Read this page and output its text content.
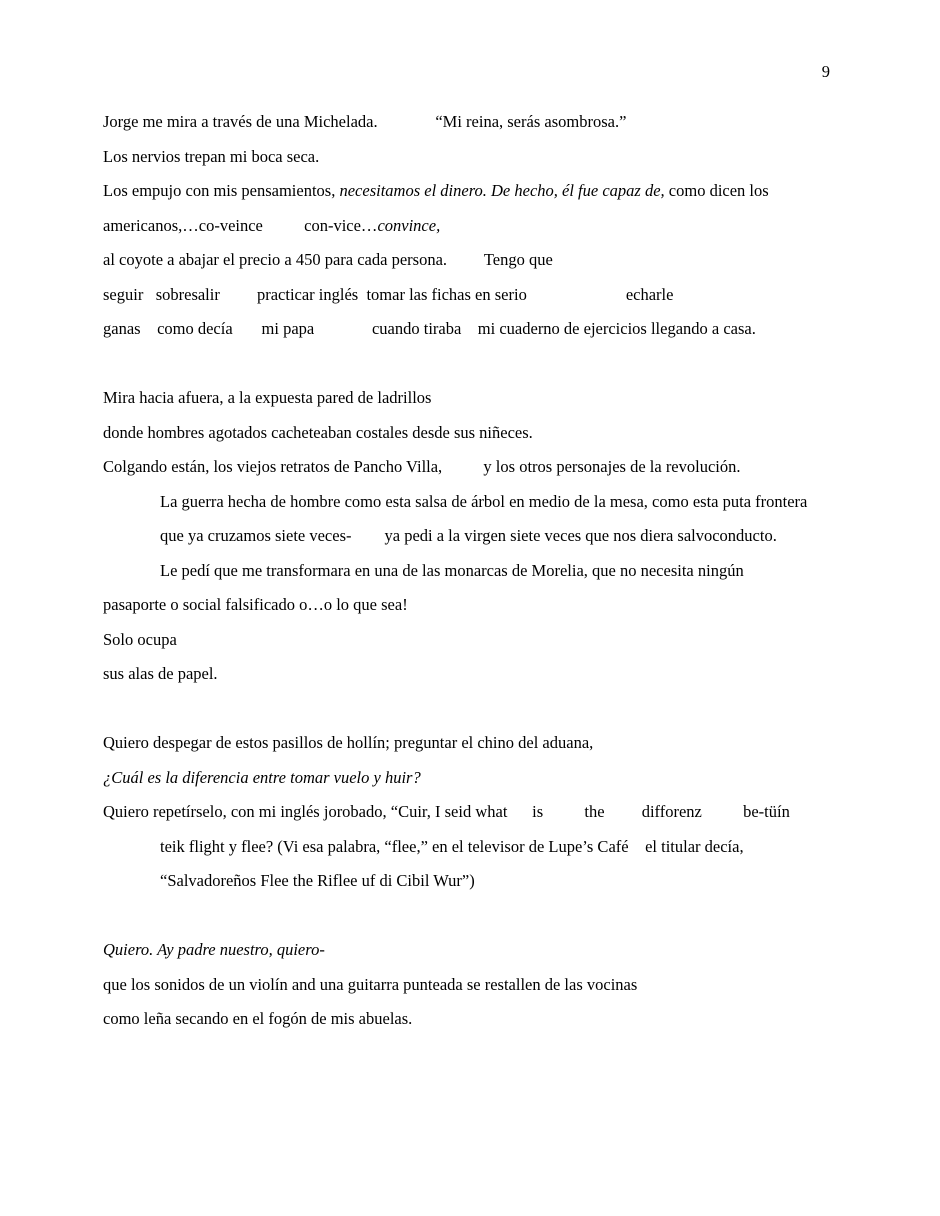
9
Jorge me mira a través de una Michelada.              “Mi reina, serás asombrosa.”
Los nervios trepan mi boca seca.
Los empujo con mis pensamientos, necesitamos el dinero. De hecho, él fue capaz de, como dicen los
americanos,…co-veince          con-vice…convince,
al coyote a abajar el precio a 450 para cada persona.         Tengo que
seguir   sobresalir         practicar inglés  tomar las fichas en serio                        echarle
ganas    como decía       mi papa              cuando tiraba    mi cuaderno de ejercicios llegando a casa.

Mira hacia afuera, a la expuesta pared de ladrillos
donde hombres agotados cacheteaban costales desde sus niñeces.
Colgando están, los viejos retratos de Pancho Villa,          y los otros personajes de la revolución.
La guerra hecha de hombre como esta salsa de árbol en medio de la mesa, como esta puta frontera
que ya cruzamos siete veces-        ya pedi a la virgen siete veces que nos diera salvoconducto.
Le pedí que me transformara en una de las monarcas de Morelia, que no necesita ningún
pasaporte o social falsificado o…o lo que sea!
Solo ocupa
sus alas de papel.

Quiero despegar de estos pasillos de hollín; preguntar el chino del aduana,
¿Cuál es la diferencia entre tomar vuelo y huir?
Quiero repetírselo, con mi inglés jorobado, “Cuir, I seid what      is          the         difforenz          be-tüín
teik flight y flee? (Vi esa palabra, “flee,” en el televisor de Lupe’s Café    el titular decía,
“Salvadoreños Flee the Riflee uf di Cibil Wur”)

Quiero. Ay padre nuestro, quiero-
que los sonidos de un violín and una guitarra punteada se restallen de las vocinas
como leña secando en el fogón de mis abuelas.
